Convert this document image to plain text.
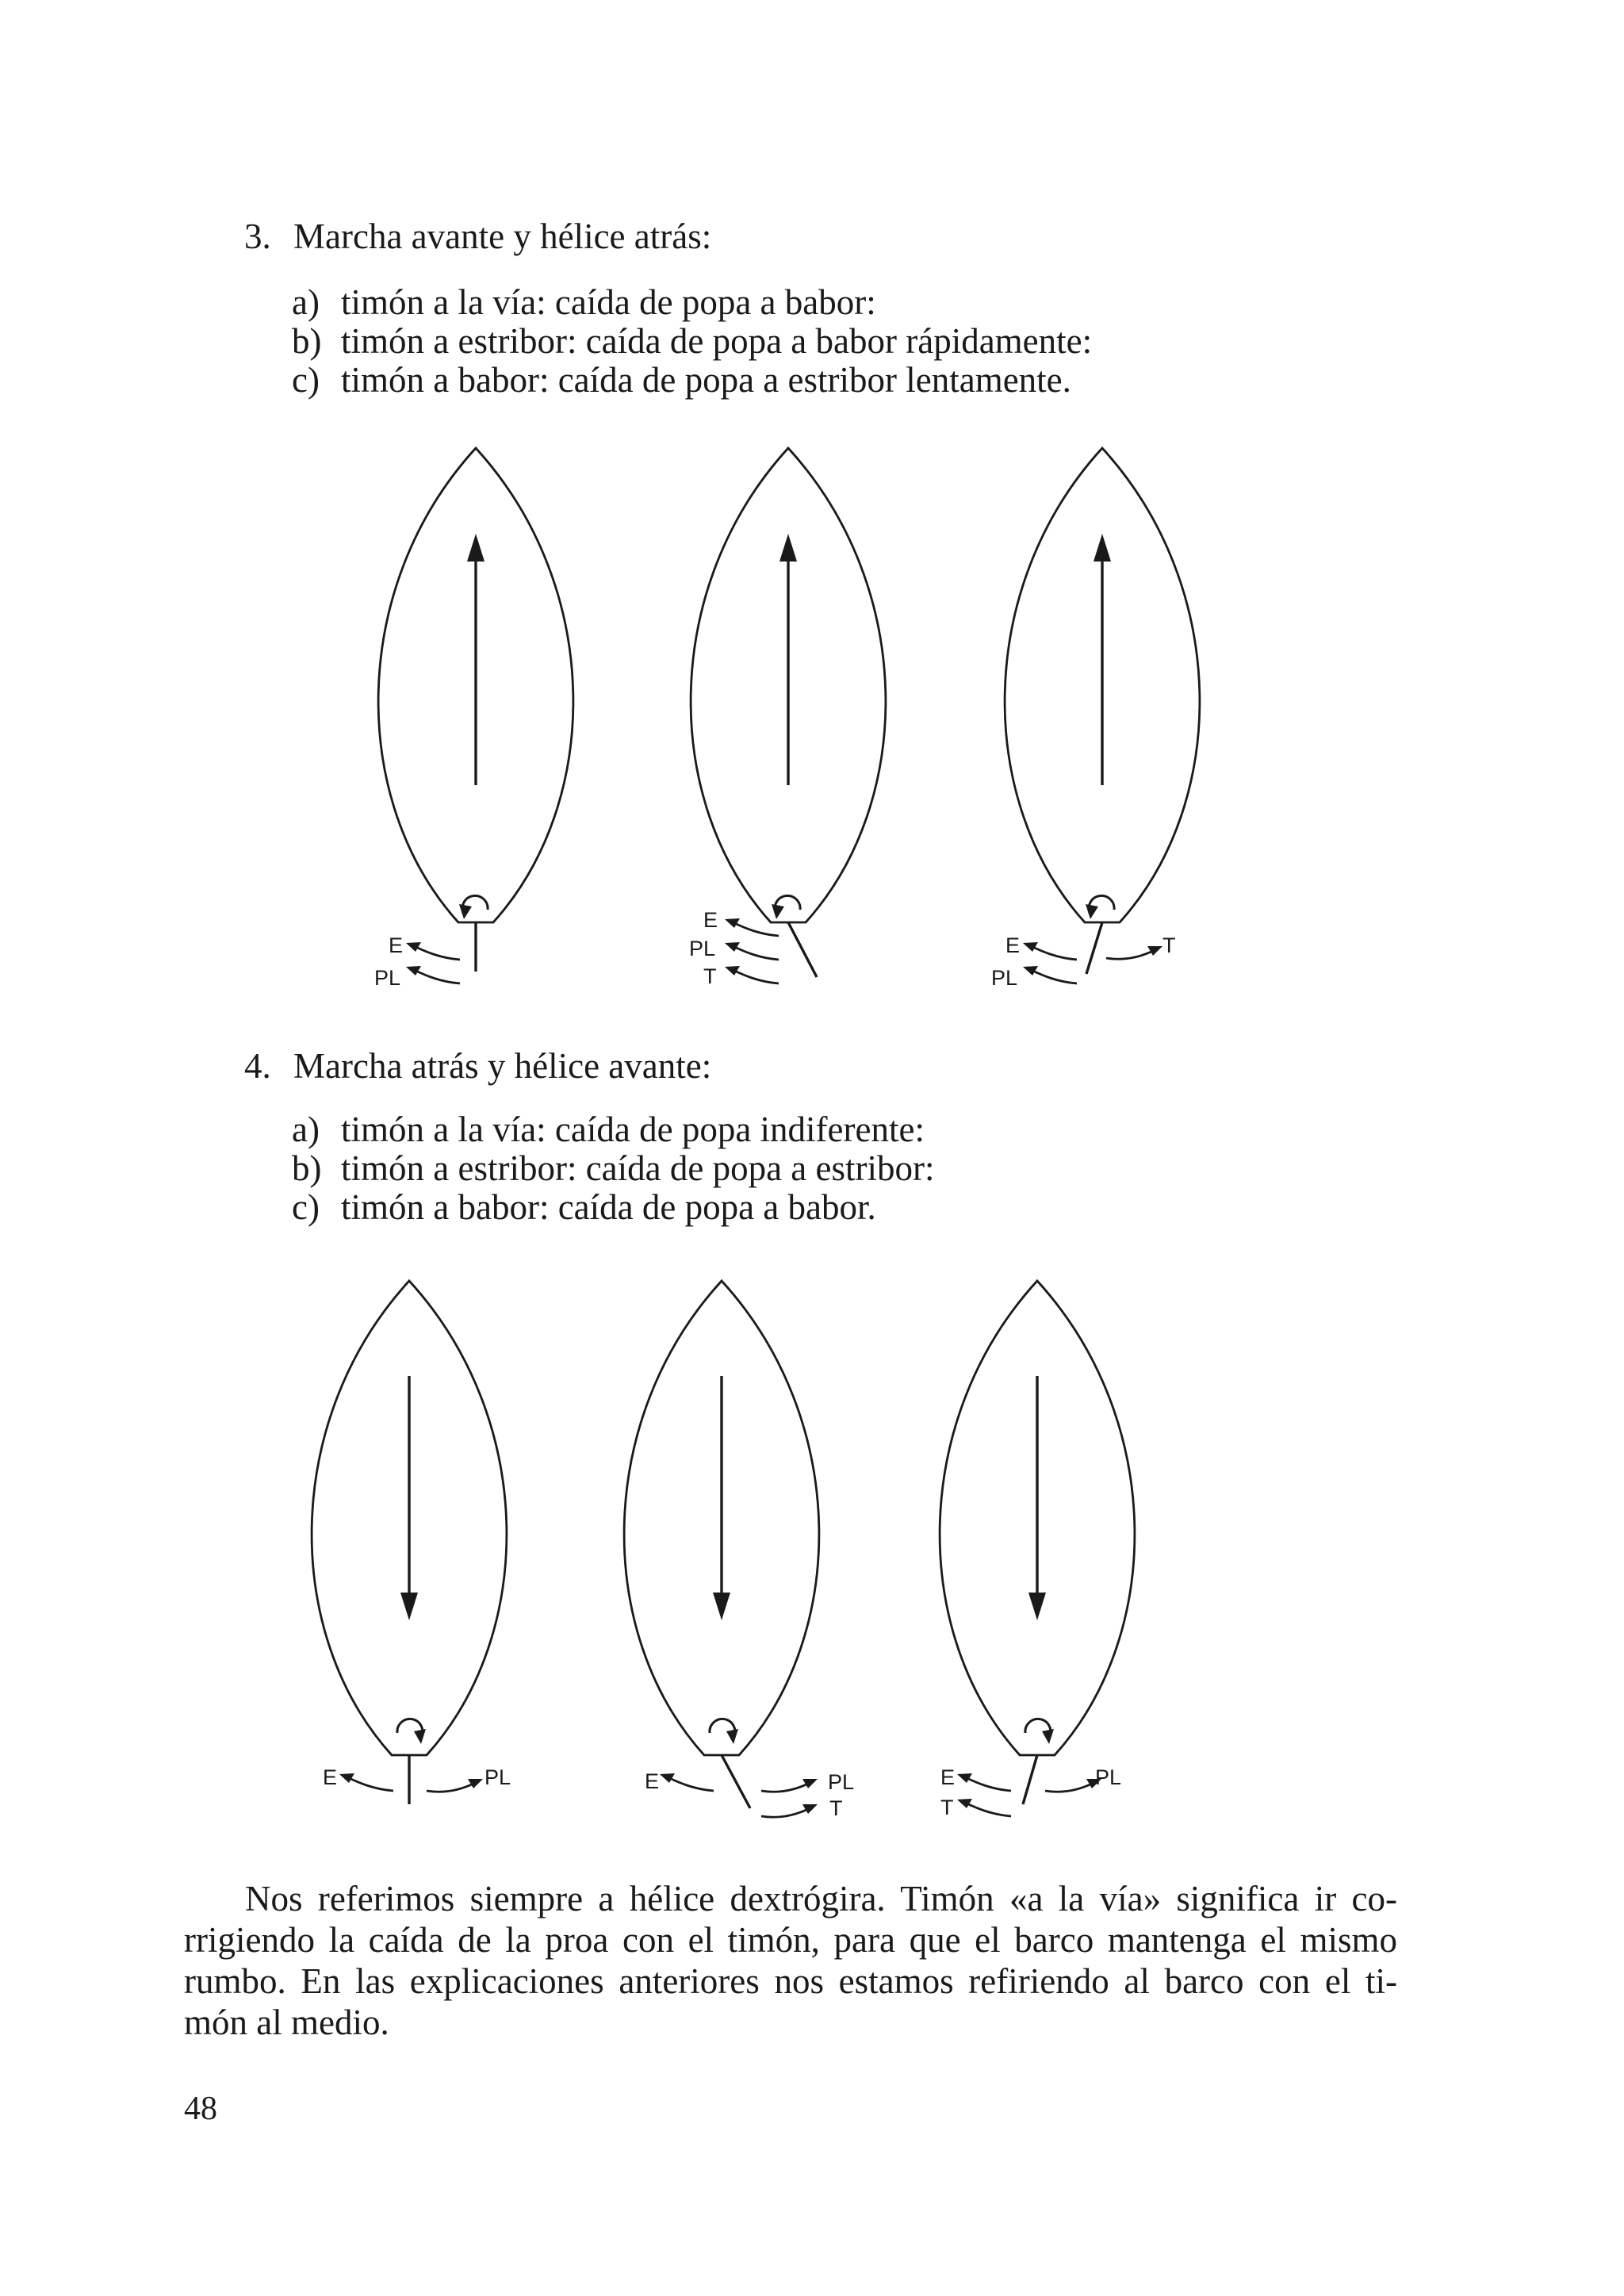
3. Marcha avante y hélice atrás:
a) timón a la vía: caída de popa a babor:
b) timón a estribor: caída de popa a babor rápidamente:
c) timón a babor: caída de popa a estribor lentamente.
E
PL
E
PL
T
E
PL
T
4. Marcha atrás y hélice avante:
a) timón a la vía: caída de popa indiferente:
b) timón a estribor: caída de popa a estribor:
c) timón a babor: caída de popa a babor.
E	PL	E	PL
T
E
T
PL
Nos referimos siempre a hélice dextrógira. Timón «a la vía» significa ir co-
rrigiendo la caída de la proa con el timón, para que el barco mantenga el mismo
rumbo. En las explicaciones anteriores nos estamos refiriendo al barco con el ti-
món al medio.
48
